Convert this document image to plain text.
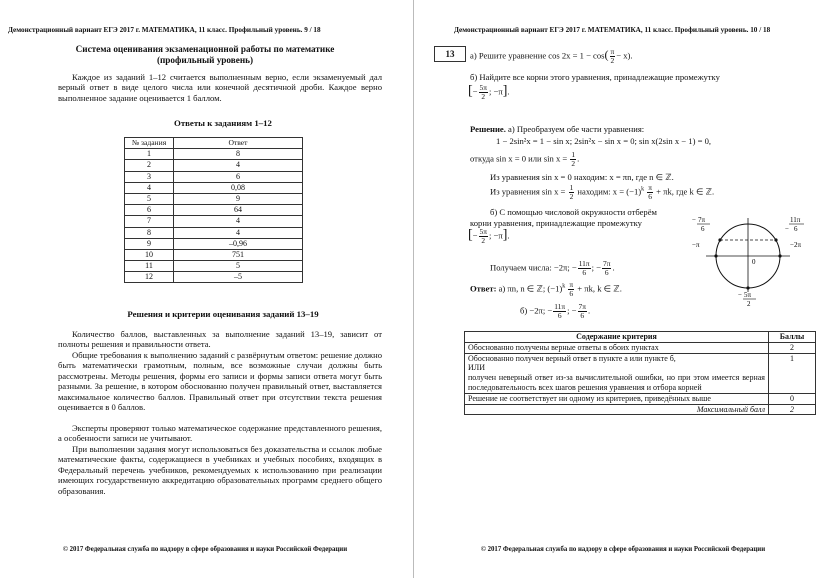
Демонстрационный вариант ЕГЭ 2017 г. МАТЕМАТИКА, 11 класс. Профильный уровень. 9 / 18
Система оценивания экзаменационной работы по математике
(профильный уровень)
Каждое из заданий 1–12 считается выполненным верно, если экзаменуемый дал верный ответ в виде целого числа или конечной десятичной дроби. Каждое верно выполненное задание оценивается 1 баллом.
Ответы к заданиям 1–12
№ задания	Ответ
1	8
2	4
3	6
4	0,08
5	9
6	64
7	4
8	4
9	–0,96
10	751
11	5
12	–5
Решения и критерии оценивания заданий 13–19
Количество баллов, выставленных за выполнение заданий 13–19, зависит от полноты решения и правильности ответа.
Общие требования к выполнению заданий с развёрнутым ответом: решение должно быть математически грамотным, полным, все возможные случаи должны быть рассмотрены. Методы решения, формы его записи и формы записи ответа могут быть разными. За решение, в котором обоснованно получен правильный ответ, выставляется максимальное количество баллов. Правильный ответ при отсутствии текста решения оценивается в 0 баллов.
Эксперты проверяют только математическое содержание представленного решения, а особенности записи не учитывают.
При выполнении задания могут использоваться без доказательства и ссылок любые математические факты, содержащиеся в учебниках и учебных пособиях, входящих в Федеральный перечень учебников, рекомендуемых к использованию при реализации имеющих государственную аккредитацию образовательных программ среднего общего образования.
© 2017 Федеральная служба по надзору в сфере образования и науки Российской Федерации
Демонстрационный вариант ЕГЭ 2017 г. МАТЕМАТИКА, 11 класс. Профильный уровень. 10 / 18
13	а) Решите уравнение $\cos 2x = 1 - \cos( \frac{\pi}{2} - x)$.
б) Найдите все корни этого уравнения, принадлежащие промежутку
[− $\frac{5\pi}{2}$ ; −π].
Решение. а) Преобразуем обе части уравнения:
1 − 2sin²x = 1 − sin x; 2sin²x − sin x = 0; sin x(2sin x − 1) = 0,
откуда sin x = 0 или $\sin x = \frac{1}{2}$ .
Из уравнения sin x = 0 находим: x = πn, где n ∈ ℤ.
Из уравнения $\sin x = \frac{1}{2}$ находим: $x = (-1)^k \frac{\pi}{6} + \pi k$, где k ∈ ℤ.
б) С помощью числовой окружности отберём
корни уравнения, принадлежащие промежутку
[− $\frac{5\pi}{2}$ ; −π].
Получаем числа: −2π; − $\frac{11\pi}{6}$ ; − $\frac{7\pi}{6}$ .
Ответ: а) πn, n ∈ ℤ; $(-1)^k \frac{\pi}{6} + \pi k$, k ∈ ℤ.
б) −2π; − $\frac{11\pi}{6}$ ; − $\frac{7\pi}{6}$ .
− 7π
6
11π
− 6
−π	−2π
0
− 5π
2
Содержание критерия	Баллы
Обоснованно получены верные ответы в обоих пунктах	2

Обоснованно получен верный ответ в пункте а или пункте б,
ИЛИ
получен неверный ответ из-за вычислительной ошибки, но при этом имеется верная последовательность всех шагов решения уравнения и отбора корней	1
Решение не соответствует ни одному из критериев, приведённых выше	0
Максимальный балл	2
© 2017 Федеральная служба по надзору в сфере образования и науки Российской Федерации
